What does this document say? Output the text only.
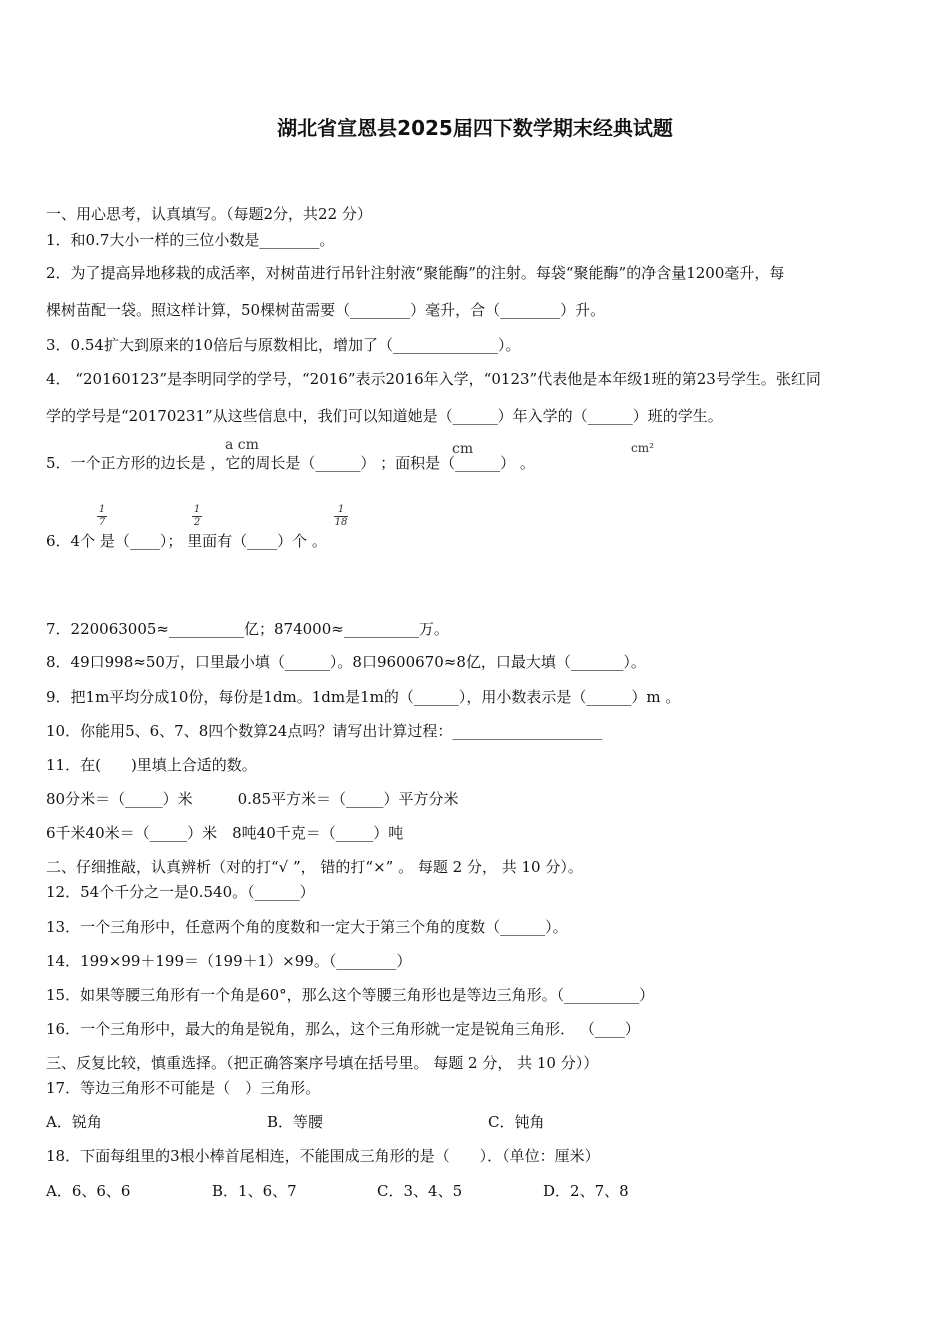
湖北省宣恩县2025届四下数学期末经典试题
一、用心思考，认真填写。（每题2分，共22 分）
1．和0.7大小一样的三位小数是________。
2．为了提高异地移栽的成活率，对树苗进行吊针注射液“聚能酶”的注射。每袋“聚能酶”的净含量1200毫升，每
棵树苗配一袋。照这样计算，50棵树苗需要（________）毫升，合（________）升。
3．0.54扩大到原来的10倍后与原数相比，增加了（______________）。
4． “20160123”是李明同学的学号，“2016”表示2016年入学，“0123”代表他是本年级1班的第23号学生。张红同
学的学号是“20170231”从这些信息中，我们可以知道她是（______）年入学的（______）班的学生。
5．一个正方形的边长是 ，它的周长是（______） ；面积是（______） 。
a cm	cm	cm²
6．4个 是（____）； 里面有（____）个 。
1
7
1
2
1
18
7．220063005≈__________亿；874000≈__________万。
8．49口998≈50万，口里最小填（______）。8口9600670≈8亿，口最大填（_______）。
9．把1m平均分成10份，每份是1dm。1dm是1m的（______），用小数表示是（______）m 。
10．你能用5、6、7、8四个数算24点吗？请写出计算过程：____________________
11．在(　　)里填上合适的数。
80分米＝（_____）米　　　0.85平方米＝（_____）平方分米
6千米40米＝（_____）米　8吨40千克＝（_____）吨
二、仔细推敲，认真辨析（对的打“√ ”， 错的打“×” 。 每题 2 分， 共 10 分）。
12．54个千分之一是0.540。（______）
13．一个三角形中，任意两个角的度数和一定大于第三个角的度数（______）。
14．199×99＋199＝（199＋1）×99。（________）
15．如果等腰三角形有一个角是60°，那么这个等腰三角形也是等边三角形。（__________）
16．一个三角形中，最大的角是锐角，那么，这个三角形就一定是锐角三角形． （____）
三、反复比较，慎重选择。（把正确答案序号填在括号里。 每题 2 分， 共 10 分））
17．等边三角形不可能是（　）三角形。
A．锐角	B．等腰	C．钝角
18．下面每组里的3根小棒首尾相连，不能围成三角形的是（　　）．（单位：厘米）
A．6、6、6	B．1、6、7	C．3、4、5	D．2、7、8
